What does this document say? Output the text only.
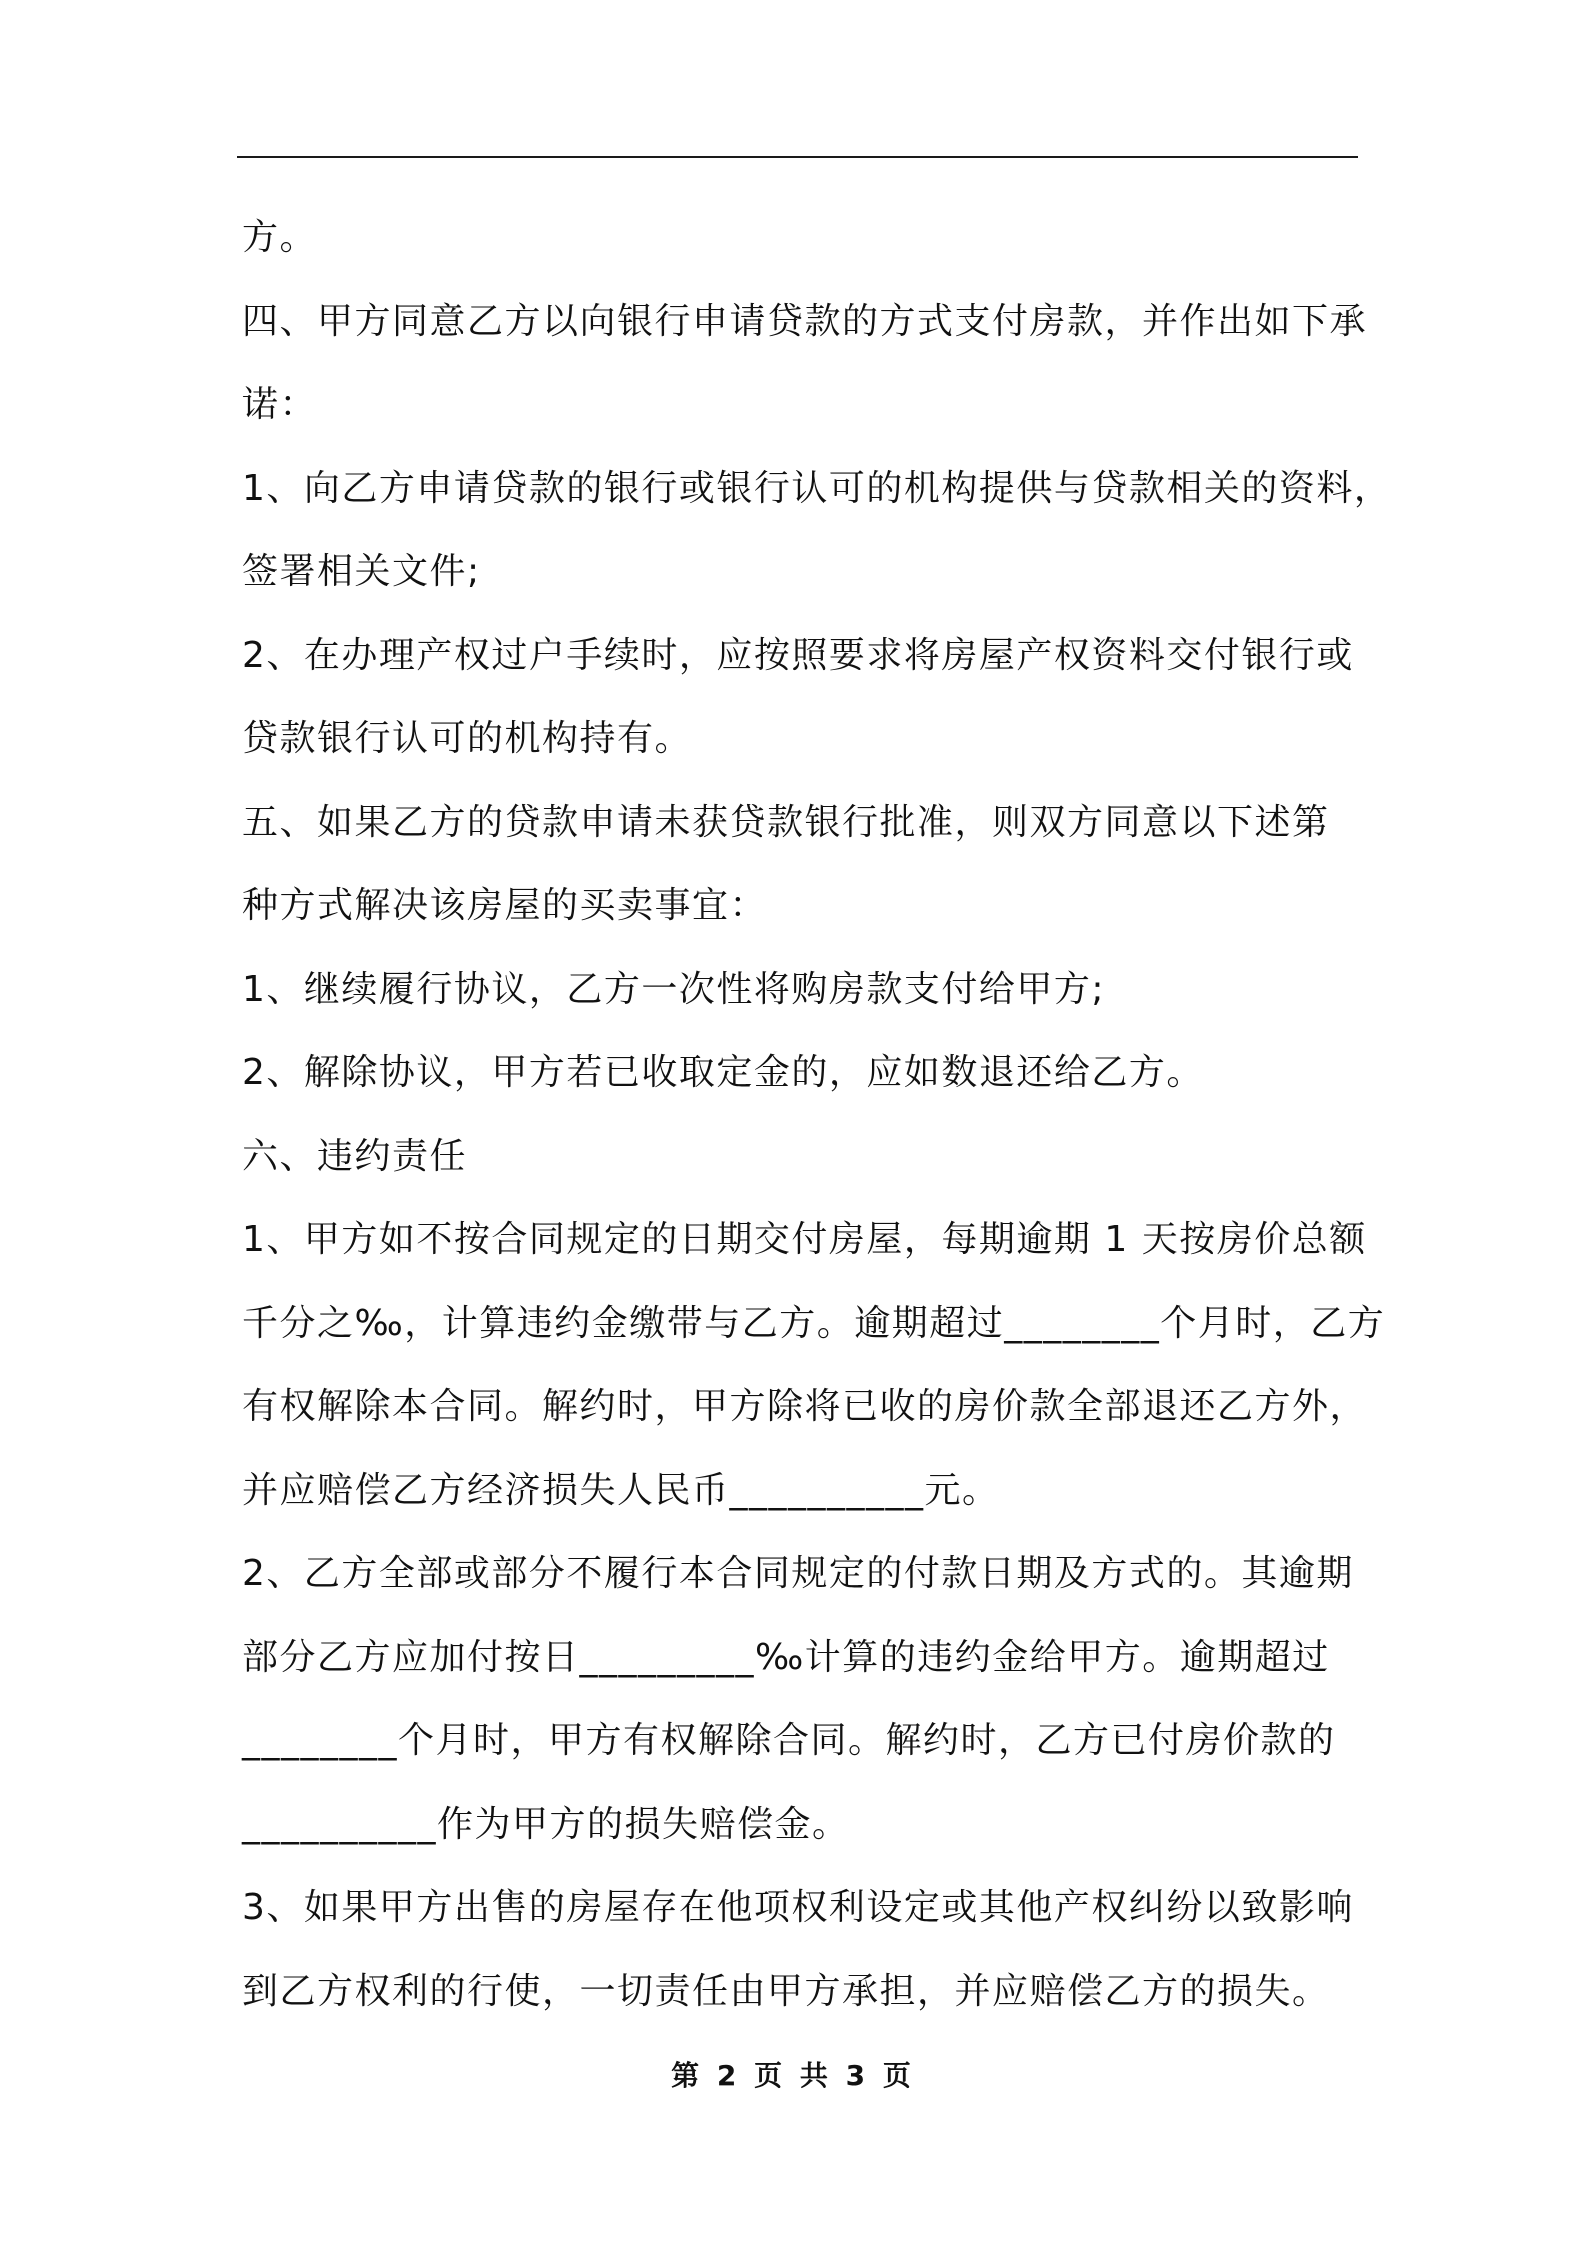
方。
四、甲方同意乙方以向银行申请贷款的方式支付房款，并作出如下承
诺：
1、向乙方申请贷款的银行或银行认可的机构提供与贷款相关的资料，
签署相关文件;
2、在办理产权过户手续时，应按照要求将房屋产权资料交付银行或
贷款银行认可的机构持有。
五、如果乙方的贷款申请未获贷款银行批准，则双方同意以下述第
种方式解决该房屋的买卖事宜：
1、继续履行协议，乙方一次性将购房款支付给甲方;
2、解除协议，甲方若已收取定金的，应如数退还给乙方。
六、违约责任
1、甲方如不按合同规定的日期交付房屋，每期逾期 1 天按房价总额
千分之‰，计算违约金缴带与乙方。逾期超过________个月时，乙方
有权解除本合同。解约时，甲方除将已收的房价款全部退还乙方外，
并应赔偿乙方经济损失人民币__________元。
2、乙方全部或部分不履行本合同规定的付款日期及方式的。其逾期
部分乙方应加付按日_________‰计算的违约金给甲方。逾期超过
________个月时，甲方有权解除合同。解约时，乙方已付房价款的
__________作为甲方的损失赔偿金。
3、如果甲方出售的房屋存在他项权利设定或其他产权纠纷以致影响
到乙方权利的行使，一切责任由甲方承担，并应赔偿乙方的损失。
第 2 页 共 3 页
